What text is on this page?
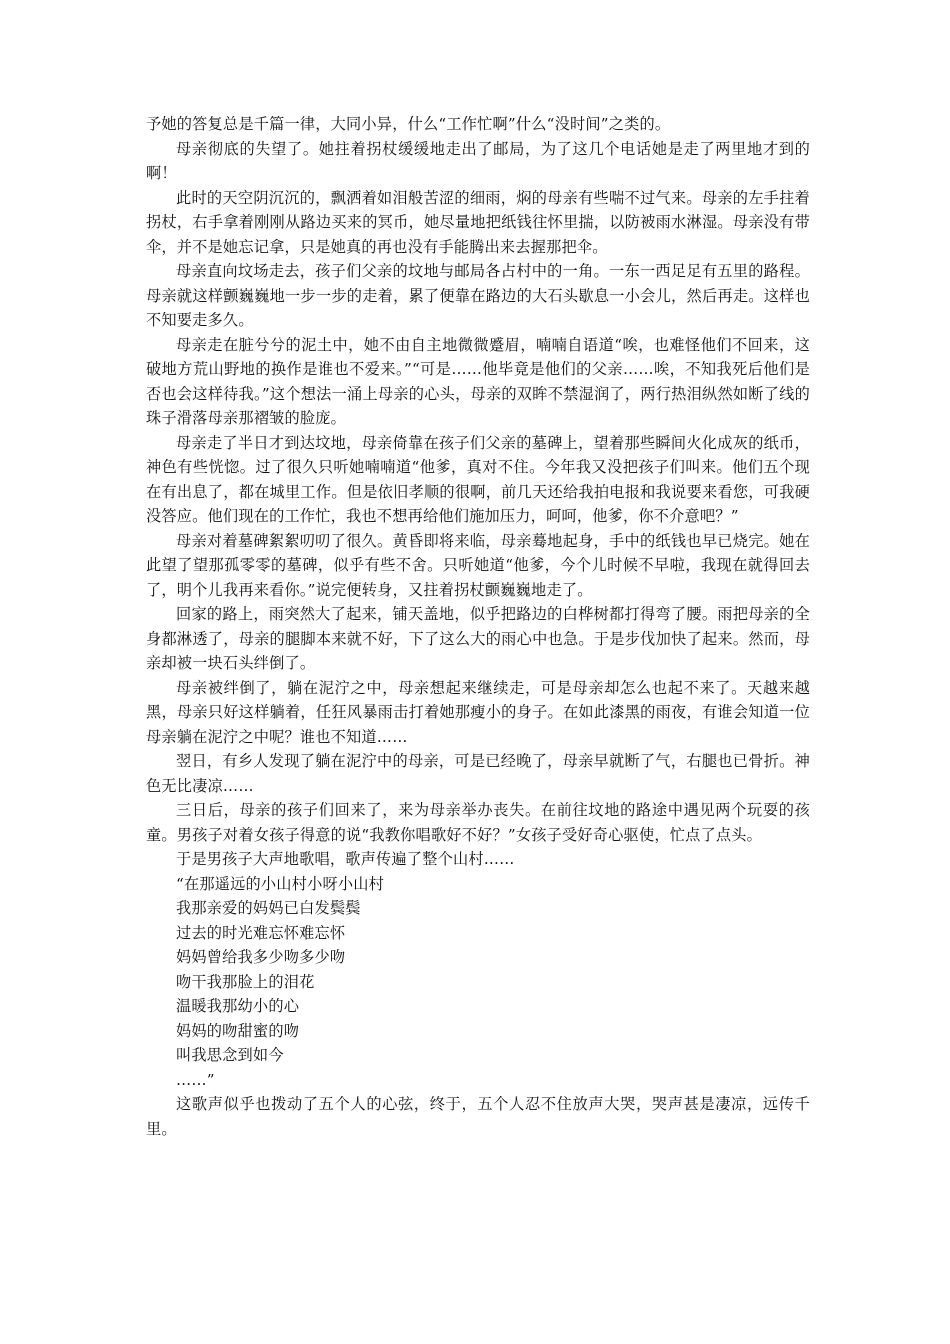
予她的答复总是千篇一律，大同小异，什么“工作忙啊”什么“没时间”之类的。

母亲彻底的失望了。她拄着拐杖缓缓地走出了邮局，为了这几个电话她是走了两里地才到的啊！

此时的天空阴沉沉的，飘洒着如泪般苦涩的细雨，焖的母亲有些喘不过气来。母亲的左手拄着拐杖，右手拿着刚刚从路边买来的冥币，她尽量地把纸钱往怀里揣，以防被雨水淋湿。母亲没有带伞，并不是她忘记拿，只是她真的再也没有手能腾出来去握那把伞。

母亲直向坟场走去，孩子们父亲的坟地与邮局各占村中的一角。一东一西足足有五里的路程。母亲就这样颤巍巍地一步一步的走着，累了便靠在路边的大石头歇息一小会儿，然后再走。这样也不知要走多久。

母亲走在脏兮兮的泥土中，她不由自主地微微蹙眉，喃喃自语道“唉，也难怪他们不回来，这破地方荒山野地的换作是谁也不爱来。”“可是……他毕竟是他们的父亲……唉，不知我死后他们是否也会这样待我。”这个想法一涌上母亲的心头，母亲的双眸不禁湿润了，两行热泪纵然如断了线的珠子滑落母亲那褶皱的脸庞。

母亲走了半日才到达坟地，母亲倚靠在孩子们父亲的墓碑上，望着那些瞬间火化成灰的纸币，神色有些恍惚。过了很久只听她喃喃道“他爹，真对不住。今年我又没把孩子们叫来。他们五个现在有出息了，都在城里工作。但是依旧孝顺的很啊，前几天还给我拍电报和我说要来看您，可我硬没答应。他们现在的工作忙，我也不想再给他们施加压力，呵呵，他爹，你不介意吧？”

母亲对着墓碑絮絮叨叨了很久。黄昏即将来临，母亲蓦地起身，手中的纸钱也早已烧完。她在此望了望那孤零零的墓碑，似乎有些不舍。只听她道“他爹，今个儿时候不早啦，我现在就得回去了，明个儿我再来看你。”说完便转身，又拄着拐杖颤巍巍地走了。

回家的路上，雨突然大了起来，铺天盖地，似乎把路边的白桦树都打得弯了腰。雨把母亲的全身都淋透了，母亲的腿脚本来就不好，下了这么大的雨心中也急。于是步伐加快了起来。然而，母亲却被一块石头绊倒了。

母亲被绊倒了，躺在泥泞之中，母亲想起来继续走，可是母亲却怎么也起不来了。天越来越黑，母亲只好这样躺着，任狂风暴雨击打着她那瘦小的身子。在如此漆黑的雨夜，有谁会知道一位母亲躺在泥泞之中呢？谁也不知道……

翌日，有乡人发现了躺在泥泞中的母亲，可是已经晚了，母亲早就断了气，右腿也已骨折。神色无比凄凉……

三日后，母亲的孩子们回来了，来为母亲举办丧失。在前往坟地的路途中遇见两个玩耍的孩童。男孩子对着女孩子得意的说“我教你唱歌好不好？”女孩子受好奇心驱使，忙点了点头。

于是男孩子大声地歌唱，歌声传遍了整个山村……

“在那遥远的小山村小呀小山村

我那亲爱的妈妈已白发鬓鬓

过去的时光难忘怀难忘怀

妈妈曾给我多少吻多少吻

吻干我那脸上的泪花

温暖我那幼小的心

妈妈的吻甜蜜的吻

叫我思念到如今

……”

这歌声似乎也拨动了五个人的心弦，终于，五个人忍不住放声大哭，哭声甚是凄凉，远传千里。
